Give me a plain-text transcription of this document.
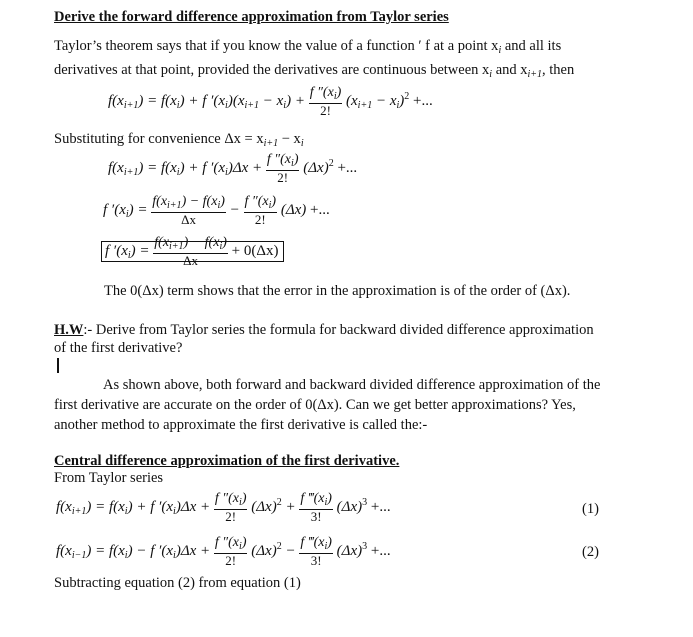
Derive the forward difference approximation from Taylor series
Taylor’s theorem says that if you know the value of a function ′ f at a point $x_i$ and all its
derivatives at that point, provided the derivatives are continuous between $x_i$ and $x_{i+1}$, then
$f(x_{i+1}) = f(x_i) + f$ $'(x_i)(x_{i+1} - x_i) + \frac{f ''(x_i)}{2!} (x_{i+1} - x_i)^2$ +...
Substituting for convenience $\Delta x = x_{i+1} - x_i$
$f(x_{i+1}) = f(x_i) + f$ $'(x_i)\Delta x + \frac{f ''(x_i)}{2!} (\Delta x)^2$ +...
f $'(x_i) = \frac{f(x_{i+1}) - f(x_i)}{\Delta x} - \frac{f ''(x_i)}{2!} (\Delta x)$ +...
f $'(x_i) = \frac{f(x_{i+1}) - f(x_i)}{\Delta x} + 0(\Delta x)$
The 0(Δx) term shows that the error in the approximation is of the order of (Δx).
H.W:- Derive from Taylor series the formula for backward divided difference approximation
of the first derivative?
As shown above, both forward and backward divided difference approximation of the
first derivative are accurate on the order of 0(Δx). Can we get better approximations? Yes,
another method to approximate the first derivative is called the:-
Central difference approximation of the first derivative.
From Taylor series
$f(x_{i+1}) = f(x_i) + f$ $'(x_i)\Delta x + \frac{f ''(x_i)}{2!} (\Delta x)^2 + \frac{f ‴(x_i)}{3!} (\Delta x)^3$ +...	(1)
$f(x_{i-1}) = f(x_i) - f$ $'(x_i)\Delta x + \frac{f ''(x_i)}{2!} (\Delta x)^2 - \frac{f ‴(x_i)}{3!} (\Delta x)^3$ +...	(2)
Subtracting equation (2) from equation (1)
